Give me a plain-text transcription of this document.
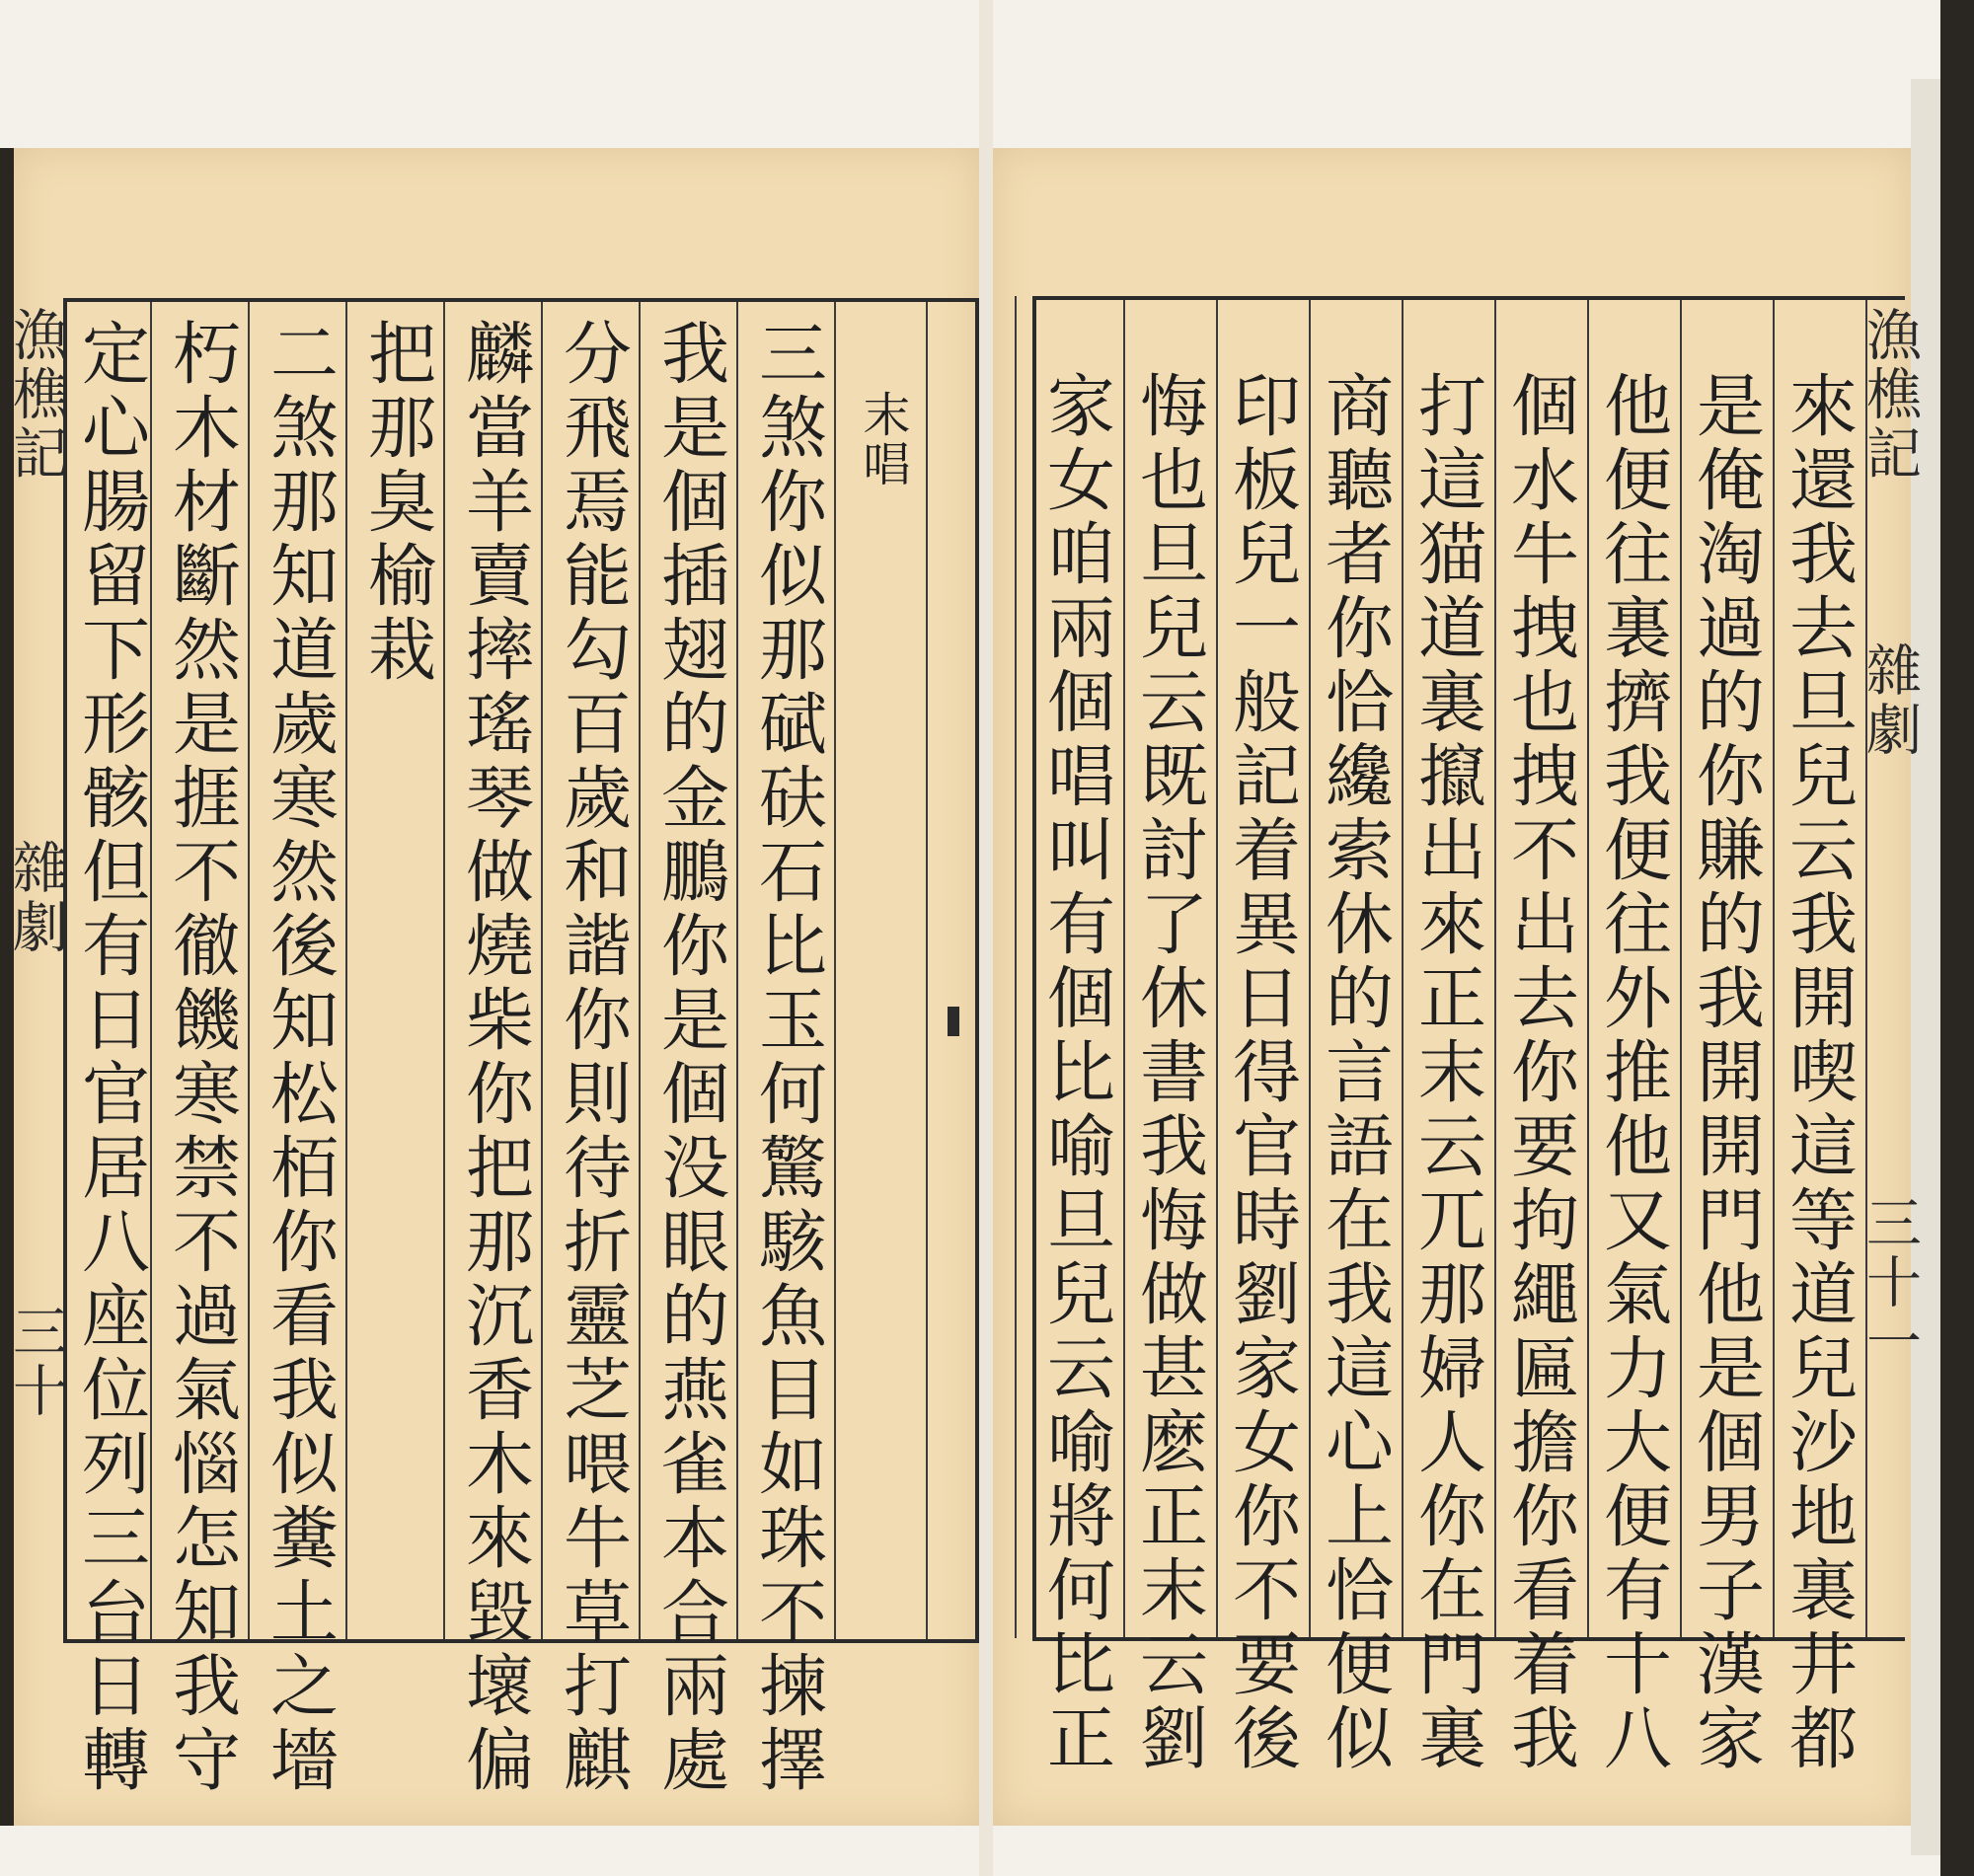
漁樵記
雜劇
三十
末唱
三煞你似那碔砆石比玉何驚駭魚目如珠不揀擇
我是個插翅的金鵬你是個没眼的燕雀本合兩處
分飛焉能勾百歲和諧你則待折靈芝喂牛草打麒
麟當羊賣摔瑤琴做燒柴你把那沉香木來毀壞偏
把那臭榆栽
二煞那知道歲寒然後知松栢你看我似糞土之墻
朽木材斷然是捱不徹饑寒禁不過氣惱怎知我守
定心腸留下形骸但有日官居八座位列三台日轉	漁樵記
雜劇
三十一
來還我去旦兒云我開喫這等道兒沙地裏井都
是俺淘過的你賺的我開開門他是個男子漢家
他便往裏擠我便往外推他又氣力大便有十八
個水牛拽也拽不出去你要拘繩匾擔你看着我
打這猫道裏攛出來正末云兀那婦人你在門裏
商聽者你恰纔索休的言語在我這心上恰便似
印板兒一般記着異日得官時劉家女你不要後
悔也旦兒云既討了休書我悔做甚麽正末云劉
家女咱兩個唱叫有個比喻旦兒云喻將何比正
